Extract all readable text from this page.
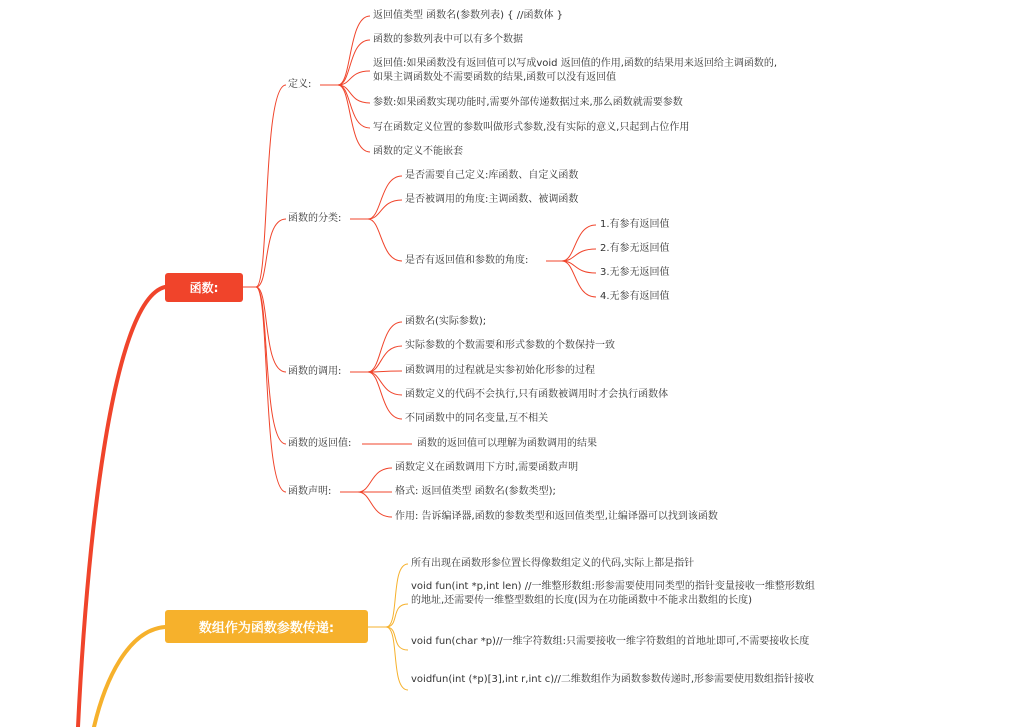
函数:
定义:
返回值类型 函数名(参数列表) { //函数体 }
函数的参数列表中可以有多个数据
返回值:如果函数没有返回值可以写成void 返回值的作用,函数的结果用来返回给主调函数的,如果主调函数处不需要函数的结果,函数可以没有返回值
参数:如果函数实现功能时,需要外部传递数据过来,那么函数就需要参数
写在函数定义位置的参数叫做形式参数,没有实际的意义,只起到占位作用
函数的定义不能嵌套
函数的分类:
是否需要自己定义:库函数、自定义函数
是否被调用的角度:主调函数、被调函数
是否有返回值和参数的角度:
1.有参有返回值
2.有参无返回值
3.无参无返回值
4.无参有返回值
函数的调用:
函数名(实际参数);
实际参数的个数需要和形式参数的个数保持一致
函数调用的过程就是实参初始化形参的过程
函数定义的代码不会执行,只有函数被调用时才会执行函数体
不同函数中的同名变量,互不相关
函数的返回值:	函数的返回值可以理解为函数调用的结果
函数声明:
函数定义在函数调用下方时,需要函数声明
格式: 返回值类型 函数名(参数类型);
作用: 告诉编译器,函数的参数类型和返回值类型,让编译器可以找到该函数
数组作为函数参数传递:
所有出现在函数形参位置长得像数组定义的代码,实际上都是指针
void fun(int *p,int len) //一维整形数组:形参需要使用同类型的指针变量接收一维整形数组的地址,还需要传一维整型数组的长度(因为在功能函数中不能求出数组的长度)
void fun(char *p)//一维字符数组:只需要接收一维字符数组的首地址即可,不需要接收长度
voidfun(int (*p)[3],int r,int c)//二维数组作为函数参数传递时,形参需要使用数组指针接收
